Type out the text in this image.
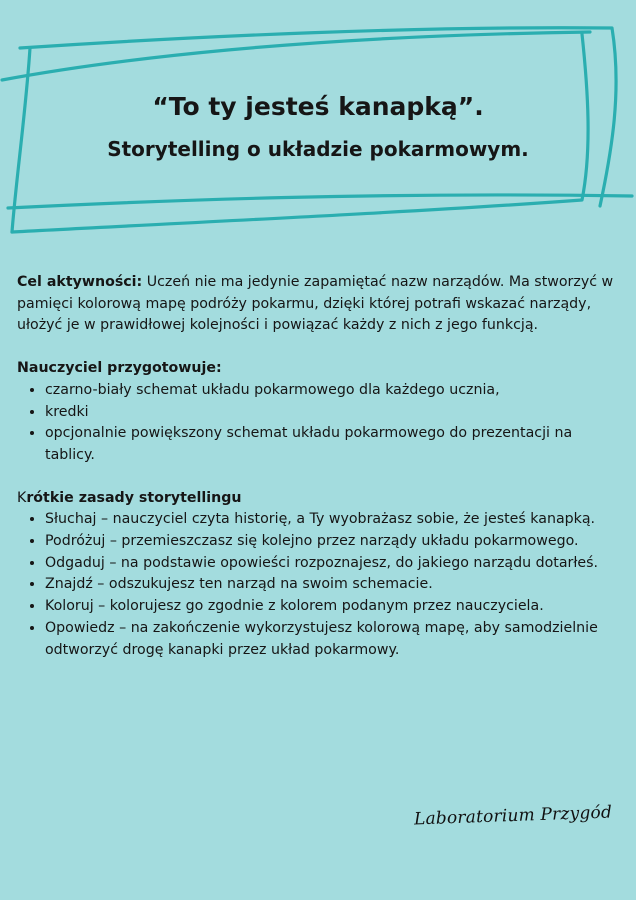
“To ty jesteś kanapką”.

Storytelling o układzie pokarmowym.

Cel aktywności: Uczeń nie ma jedynie zapamiętać nazw narządów. Ma stworzyć w pamięci kolorową mapę podróży pokarmu, dzięki której potrafi wskazać narządy, ułożyć je w prawidłowej kolejności i powiązać każdy z nich z jego funkcją.

Nauczyciel przygotowuje:

• czarno-biały schemat układu pokarmowego dla każdego ucznia,
• kredki
• opcjonalnie powiększony schemat układu pokarmowego do prezentacji na tablicy.

Krótkie zasady storytellingu

• Słuchaj – nauczyciel czyta historię, a Ty wyobrażasz sobie, że jesteś kanapką.
• Podróżuj – przemieszczasz się kolejno przez narządy układu pokarmowego.
• Odgaduj – na podstawie opowieści rozpoznajesz, do jakiego narządu dotarłeś.
• Znajdź – odszukujesz ten narząd na swoim schemacie.
• Koloruj – kolorujesz go zgodnie z kolorem podanym przez nauczyciela.
• Opowiedz – na zakończenie wykorzystujesz kolorową mapę, aby samodzielnie odtworzyć drogę kanapki przez układ pokarmowy.
Laboratorium Przygód
